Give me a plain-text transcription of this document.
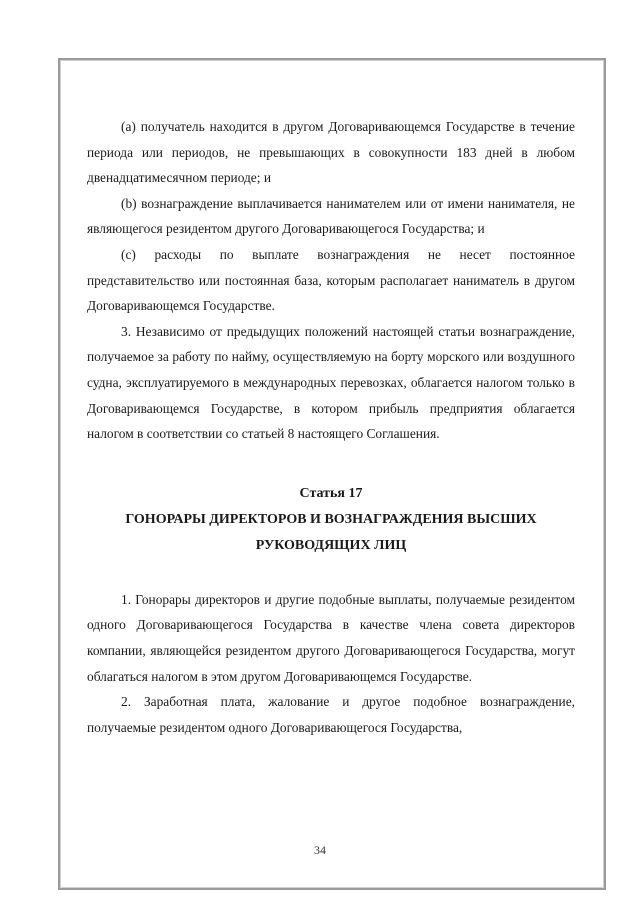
(a) получатель находится в другом Договаривающемся Государстве в течение периода или периодов, не превышающих в совокупности 183 дней в любом двенадцатимесячном периоде; и

(b) вознаграждение выплачивается нанимателем или от имени нанимателя, не являющегося резидентом другого Договаривающегося Государства; и

(c) расходы по выплате вознаграждения не несет постоянное представительство или постоянная база, которым располагает наниматель в другом Договаривающемся Государстве.

3. Независимо от предыдущих положений настоящей статьи вознаграждение, получаемое за работу по найму, осуществляемую на борту морского или воздушного судна, эксплуатируемого в международных перевозках, облагается налогом только в Договаривающемся Государстве, в котором прибыль предприятия облагается налогом в соответствии со статьей 8 настоящего Соглашения.

Статья 17

ГОНОРАРЫ ДИРЕКТОРОВ И ВОЗНАГРАЖДЕНИЯ ВЫСШИХ РУКОВОДЯЩИХ ЛИЦ

1. Гонорары директоров и другие подобные выплаты, получаемые резидентом одного Договаривающегося Государства в качестве члена совета директоров компании, являющейся резидентом другого Договаривающегося Государства, могут облагаться налогом в этом другом Договаривающемся Государстве.

2. Заработная плата, жалование и другое подобное вознаграждение, получаемые резидентом одного Договаривающегося Государства,

34
